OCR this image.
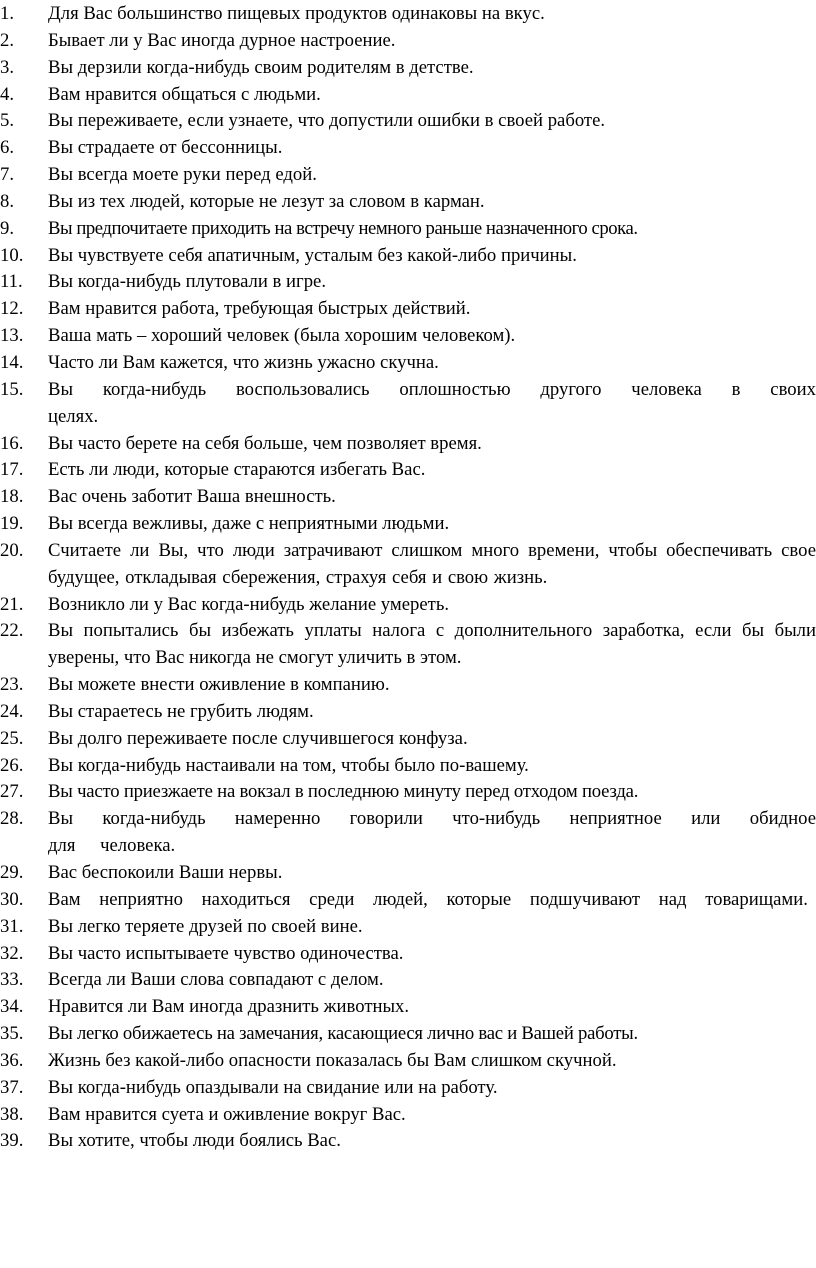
1.	Для Вас большинство пищевых продуктов одинаковы на вкус.
2.	Бывает ли у Вас иногда дурное настроение.
3.	Вы дерзили когда-нибудь своим родителям в детстве.
4.	Вам нравится общаться с людьми.
5.	Вы переживаете, если узнаете, что допустили ошибки в своей работе.
6.	Вы страдаете от бессонницы.
7.	Вы всегда моете руки перед едой.
8.	Вы из тех людей, которые не лезут за словом в карман.
9.	Вы предпочитаете приходить на встречу немного раньше назначенного срока.
10.	Вы чувствуете себя апатичным, усталым без какой-либо причины.
11.	Вы когда-нибудь плутовали в игре.
12.	Вам нравится работа, требующая быстрых действий.
13.	Ваша мать – хороший человек (была хорошим человеком).
14.	Часто ли Вам кажется, что жизнь ужасно скучна.
15.	Вы когда-нибудь воспользовались оплошностью другого человека в своих целях.
16.	Вы часто берете на себя больше, чем позволяет время.
17.	Есть ли люди, которые стараются избегать Вас.
18.	Вас очень заботит Ваша внешность.
19.	Вы всегда вежливы, даже с неприятными людьми.
20.	Считаете ли Вы, что люди затрачивают слишком много времени, чтобы обеспечивать свое будущее, откладывая сбережения, страхуя себя и свою жизнь.
21.	Возникло ли у Вас когда-нибудь желание умереть.
22.	Вы попытались бы избежать уплаты налога с дополнительного заработка, если бы были уверены, что Вас никогда не смогут уличить в этом.
23.	Вы можете внести оживление в компанию.
24.	Вы стараетесь не грубить людям.
25.	Вы долго переживаете после случившегося конфуза.
26.	Вы когда-нибудь настаивали на том, чтобы было по-вашему.
27.	Вы часто приезжаете на вокзал в последнюю минуту перед отходом поезда.
28.	Вы когда-нибудь намеренно говорили что-нибудь неприятное или обидное для человека.
29.	Вас беспокоили Ваши нервы.
30.	Вам неприятно находиться среди людей, которые подшучивают над товарищами.
31.	Вы легко теряете друзей по своей вине.
32.	Вы часто испытываете чувство одиночества.
33.	Всегда ли Ваши слова совпадают с делом.
34.	Нравится ли Вам иногда дразнить животных.
35.	Вы легко обижаетесь на замечания, касающиеся лично вас и Вашей работы.
36.	Жизнь без какой-либо опасности показалась бы Вам слишком скучной.
37.	Вы когда-нибудь опаздывали на свидание или на работу.
38.	Вам нравится суета и оживление вокруг Вас.
39.	Вы хотите, чтобы люди боялись Вас.
